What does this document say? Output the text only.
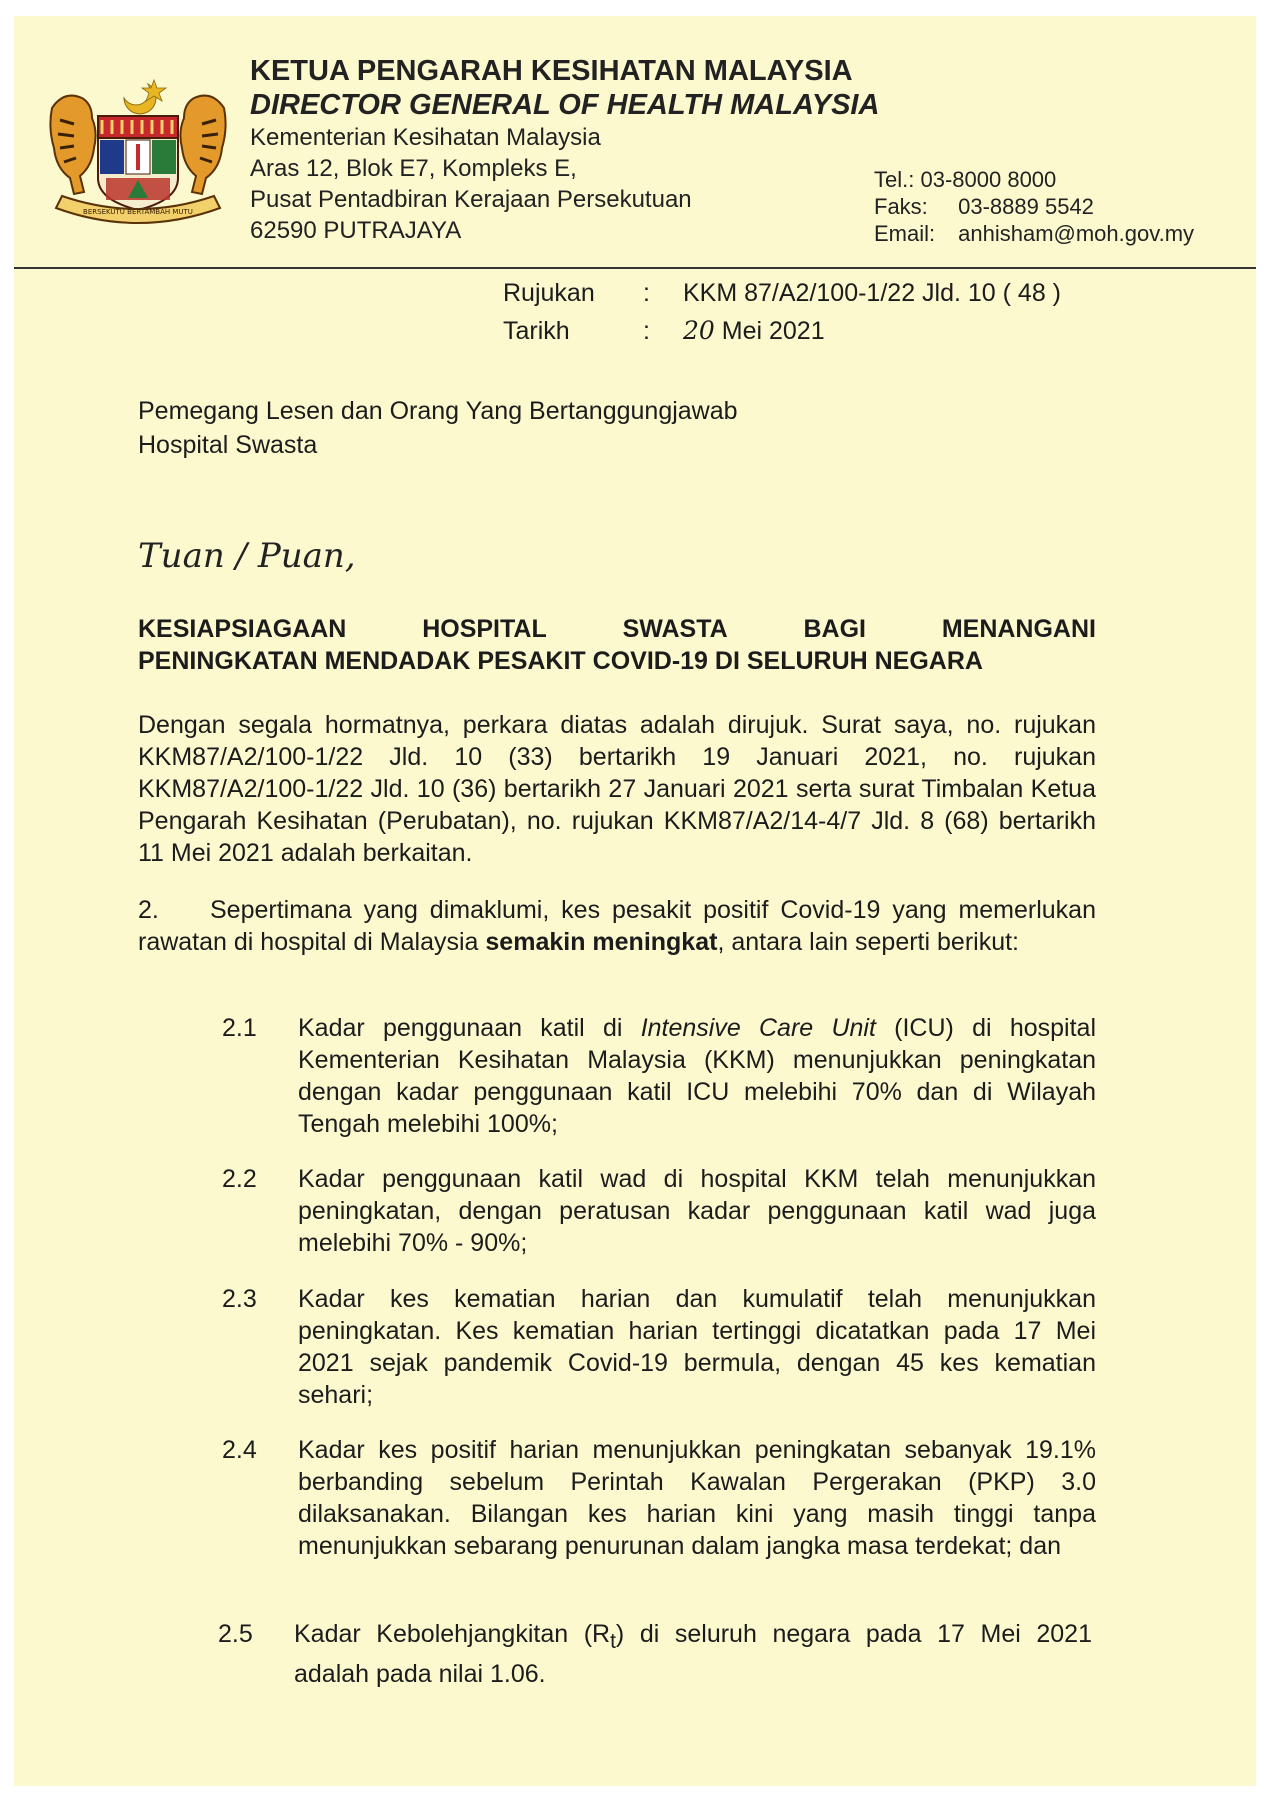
BERSEKUTU BERTAMBAH MUTU
KETUA PENGARAH KESIHATAN MALAYSIA
DIRECTOR GENERAL OF HEALTH MALAYSIA
Kementerian Kesihatan Malaysia
Aras 12, Blok E7, Kompleks E,
Pusat Pentadbiran Kerajaan Persekutuan
62590 PUTRAJAYA
Tel.: 03-8000 8000
Faks: 03-8889 5542
Email: anhisham@moh.gov.my
Rujukan : KKM 87/A2/100-1/22 Jld. 10 ( 48 )
Tarikh	: 20 Mei 2021
Pemegang Lesen dan Orang Yang Bertanggungjawab
Hospital Swasta
Tuan / Puan,
KESIAPSIAGAAN	HOSPITAL	SWASTA	BAGI	MENANGANI
PENINGKATAN MENDADAK PESAKIT COVID-19 DI SELURUH NEGARA
Dengan segala hormatnya, perkara diatas adalah dirujuk. Surat saya, no. rujukan KKM87/A2/100-1/22 Jld. 10 (33) bertarikh 19 Januari 2021, no. rujukan KKM87/A2/100-1/22 Jld. 10 (36) bertarikh 27 Januari 2021 serta surat Timbalan Ketua Pengarah Kesihatan (Perubatan), no. rujukan KKM87/A2/14-4/7 Jld. 8 (68) bertarikh 11 Mei 2021 adalah berkaitan.
2. Sepertimana yang dimaklumi, kes pesakit positif Covid-19 yang memerlukan rawatan di hospital di Malaysia semakin meningkat, antara lain seperti berikut:
2.1 Kadar penggunaan katil di Intensive Care Unit (ICU) di hospital Kementerian Kesihatan Malaysia (KKM) menunjukkan peningkatan dengan kadar penggunaan katil ICU melebihi 70% dan di Wilayah Tengah melebihi 100%;
2.2 Kadar penggunaan katil wad di hospital KKM telah menunjukkan peningkatan, dengan peratusan kadar penggunaan katil wad juga melebihi 70% - 90%;
2.3 Kadar kes kematian harian dan kumulatif telah menunjukkan peningkatan. Kes kematian harian tertinggi dicatatkan pada 17 Mei 2021 sejak pandemik Covid-19 bermula, dengan 45 kes kematian sehari;
2.4 Kadar kes positif harian menunjukkan peningkatan sebanyak 19.1% berbanding sebelum Perintah Kawalan Pergerakan (PKP) 3.0 dilaksanakan. Bilangan kes harian kini yang masih tinggi tanpa menunjukkan sebarang penurunan dalam jangka masa terdekat; dan
2.5 Kadar Kebolehjangkitan $(R_t)$ di seluruh negara pada 17 Mei 2021 adalah pada nilai 1.06.
